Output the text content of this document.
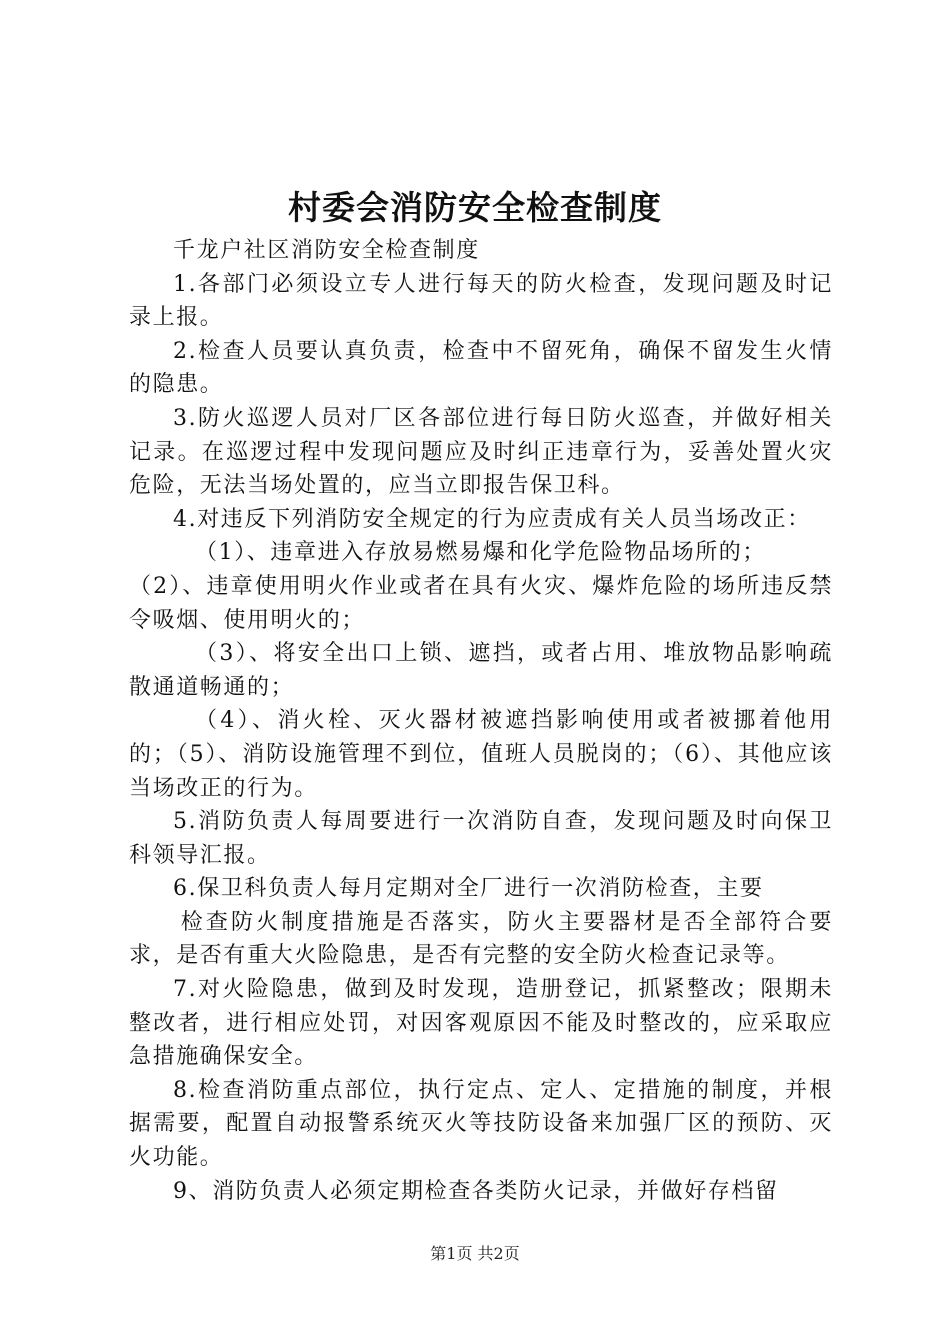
村委会消防安全检查制度

千龙户社区消防安全检查制度

1.各部门必须设立专人进行每天的防火检查，发现问题及时记录上报。

2.检查人员要认真负责，检查中不留死角，确保不留发生火情的隐患。

3.防火巡逻人员对厂区各部位进行每日防火巡查，并做好相关记录。在巡逻过程中发现问题应及时纠正违章行为，妥善处置火灾危险，无法当场处置的，应当立即报告保卫科。

4.对违反下列消防安全规定的行为应责成有关人员当场改正：

（1）、违章进入存放易燃易爆和化学危险物品场所的；

（2）、违章使用明火作业或者在具有火灾、爆炸危险的场所违反禁令吸烟、使用明火的；

（3）、将安全出口上锁、遮挡，或者占用、堆放物品影响疏散通道畅通的；

（4）、消火栓、灭火器材被遮挡影响使用或者被挪着他用的；（5）、消防设施管理不到位，值班人员脱岗的；（6）、其他应该当场改正的行为。

5.消防负责人每周要进行一次消防自查，发现问题及时向保卫科领导汇报。

6.保卫科负责人每月定期对全厂进行一次消防检查，主要

检查防火制度措施是否落实，防火主要器材是否全部符合要求，是否有重大火险隐患，是否有完整的安全防火检查记录等。

7.对火险隐患，做到及时发现，造册登记，抓紧整改；限期未整改者，进行相应处罚，对因客观原因不能及时整改的，应采取应急措施确保安全。

8.检查消防重点部位，执行定点、定人、定措施的制度，并根据需要，配置自动报警系统灭火等技防设备来加强厂区的预防、灭火功能。

9、消防负责人必须定期检查各类防火记录，并做好存档留

第1页 共2页
